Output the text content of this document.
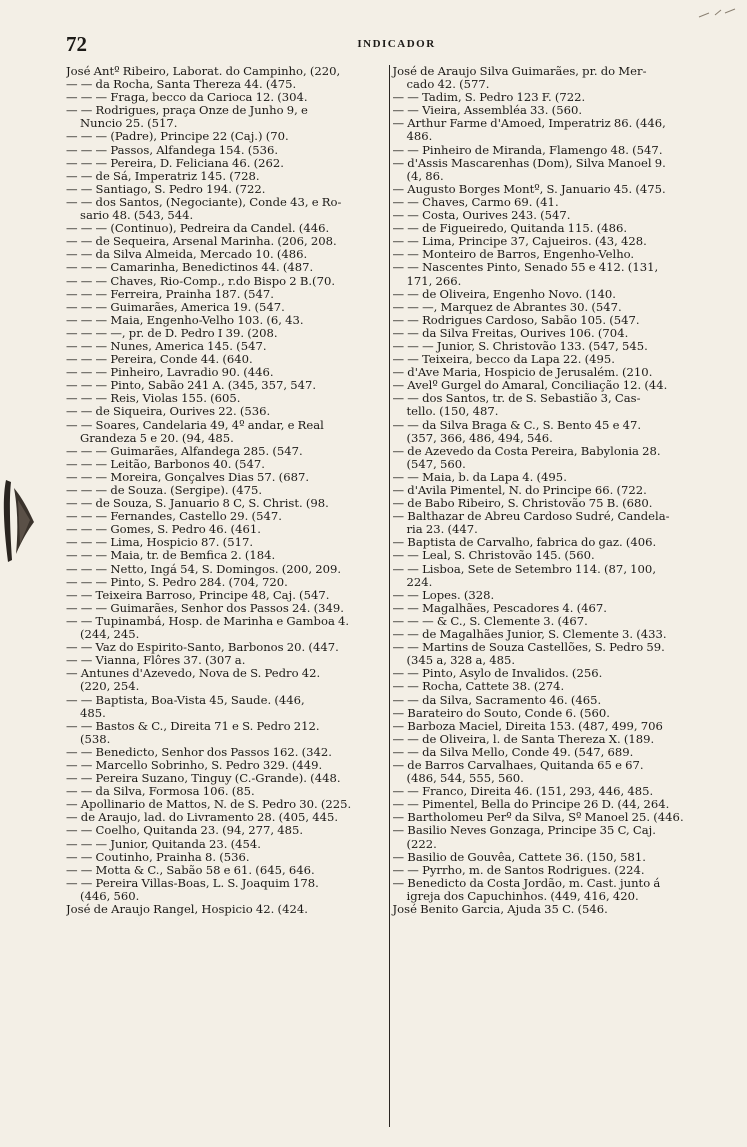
72	INDICADOR
José Antº Ribeiro, Laborat. do Campinho, (220,
— — da Rocha, Santa Thereza 44. (475.
— — — Fraga, becco da Carioca 12. (304.
— — Rodrigues, praça Onze de Junho 9, e
Nuncio 25. (517.
— — — (Padre), Principe 22 (Caj.) (70.
— — — Passos, Alfandega 154. (536.
— — — Pereira, D. Feliciana 46. (262.
— — de Sá, Imperatriz 145. (728.
— — Santiago, S. Pedro 194. (722.
— — dos Santos, (Negociante), Conde 43, e Ro-
sario 48. (543, 544.
— — — (Continuo), Pedreira da Candel. (446.
— — de Sequeira, Arsenal Marinha. (206, 208.
— — da Silva Almeida, Mercado 10. (486.
— — — Camarinha, Benedictinos 44. (487.
— — — Chaves, Rio-Comp., r.do Bispo 2 B.(70.
— — — Ferreira, Prainha 187. (547.
— — — Guimarães, America 19. (547.
— — — Maia, Engenho-Velho 103. (6, 43.
— — — —, pr. de D. Pedro I 39. (208.
— — — Nunes, America 145. (547.
— — — Pereira, Conde 44. (640.
— — — Pinheiro, Lavradio 90. (446.
— — — Pinto, Sabão 241 A. (345, 357, 547.
— — — Reis, Violas 155. (605.
— — de Siqueira, Ourives 22. (536.
— — Soares, Candelaria 49, 4º andar, e Real
Grandeza 5 e 20. (94, 485.
— — — Guimarães, Alfandega 285. (547.
— — — Leitão, Barbonos 40. (547.
— — — Moreira, Gonçalves Dias 57. (687.
— — — de Souza. (Sergipe). (475.
— — de Souza, S. Januario 8 C, S. Christ. (98.
— — — Fernandes, Castello 29. (547.
— — — Gomes, S. Pedro 46. (461.
— — — Lima, Hospicio 87. (517.
— — — Maia, tr. de Bemfica 2. (184.
— — — Netto, Ingá 54, S. Domingos. (200, 209.
— — — Pinto, S. Pedro 284. (704, 720.
— — Teixeira Barroso, Principe 48, Caj. (547.
— — — Guimarães, Senhor dos Passos 24. (349.
— — Tupinambá, Hosp. de Marinha e Gamboa 4.
(244, 245.
— — Vaz do Espirito-Santo, Barbonos 20. (447.
— — Vianna, Flôres 37. (307 a.
— Antunes d'Azevedo, Nova de S. Pedro 42.
(220, 254.
— — Baptista, Boa-Vista 45, Saude. (446,
485.
— — Bastos & C., Direita 71 e S. Pedro 212.
(538.
— — Benedicto, Senhor dos Passos 162. (342.
— — Marcello Sobrinho, S. Pedro 329. (449.
— — Pereira Suzano, Tinguy (C.-Grande). (448.
— — da Silva, Formosa 106. (85.
— Apollinario de Mattos, N. de S. Pedro 30. (225.
— de Araujo, lad. do Livramento 28. (405, 445.
— — Coelho, Quitanda 23. (94, 277, 485.
— — — Junior, Quitanda 23. (454.
— — Coutinho, Prainha 8. (536.
— — Motta & C., Sabão 58 e 61. (645, 646.
— — Pereira Villas-Boas, L. S. Joaquim 178.
(446, 560.
José de Araujo Rangel, Hospicio 42. (424.
José de Araujo Silva Guimarães, pr. do Mer-
cado 42. (577.
— — Tadim, S. Pedro 123 F. (722.
— — Vieira, Assembléa 33. (560.
— Arthur Farme d'Amoed, Imperatriz 86. (446,
486.
— — Pinheiro de Miranda, Flamengo 48. (547.
— d'Assis Mascarenhas (Dom), Silva Manoel 9.
(4, 86.
— Augusto Borges Montº, S. Januario 45. (475.
— — Chaves, Carmo 69. (41.
— — Costa, Ourives 243. (547.
— — de Figueiredo, Quitanda 115. (486.
— — Lima, Principe 37, Cajueiros. (43, 428.
— — Monteiro de Barros, Engenho-Velho.
— — Nascentes Pinto, Senado 55 e 412. (131,
171, 266.
— — de Oliveira, Engenho Novo. (140.
— — —, Marquez de Abrantes 30. (547.
— — Rodrigues Cardoso, Sabão 105. (547.
— — da Silva Freitas, Ourives 106. (704.
— — — Junior, S. Christovão 133. (547, 545.
— — Teixeira, becco da Lapa 22. (495.
— d'Ave Maria, Hospicio de Jerusalém. (210.
— Avelº Gurgel do Amaral, Conciliação 12. (44.
— — dos Santos, tr. de S. Sebastião 3, Cas-
tello. (150, 487.
— — da Silva Braga & C., S. Bento 45 e 47.
(357, 366, 486, 494, 546.
— de Azevedo da Costa Pereira, Babylonia 28.
(547, 560.
— — Maia, b. da Lapa 4. (495.
— d'Avila Pimentel, N. do Principe 66. (722.
— de Babo Ribeiro, S. Christovão 75 B. (680.
— Balthazar de Abreu Cardoso Sudré, Candela-
ria 23. (447.
— Baptista de Carvalho, fabrica do gaz. (406.
— — Leal, S. Christovão 145. (560.
— — Lisboa, Sete de Setembro 114. (87, 100,
224.
— — Lopes. (328.
— — Magalhães, Pescadores 4. (467.
— — — & C., S. Clemente 3. (467.
— — de Magalhães Junior, S. Clemente 3. (433.
— — Martins de Souza Castellões, S. Pedro 59.
(345 a, 328 a, 485.
— — Pinto, Asylo de Invalidos. (256.
— — Rocha, Cattete 38. (274.
— — da Silva, Sacramento 46. (465.
— Barateiro do Souto, Conde 6. (560.
— Barboza Maciel, Direita 153. (487, 499, 706
— — de Oliveira, l. de Santa Thereza X. (189.
— — da Silva Mello, Conde 49. (547, 689.
— de Barros Carvalhaes, Quitanda 65 e 67.
(486, 544, 555, 560.
— — Franco, Direita 46. (151, 293, 446, 485.
— — Pimentel, Bella do Principe 26 D. (44, 264.
— Bartholomeu Perº da Silva, Sº Manoel 25. (446.
— Basilio Neves Gonzaga, Principe 35 C, Caj.
(222.
— Basilio de Gouvêa, Cattete 36. (150, 581.
— — Pyrrho, m. de Santos Rodrigues. (224.
— Benedicto da Costa Jordão, m. Cast. junto á
igreja dos Capuchinhos. (449, 416, 420.
José Benito Garcia, Ajuda 35 C. (546.
